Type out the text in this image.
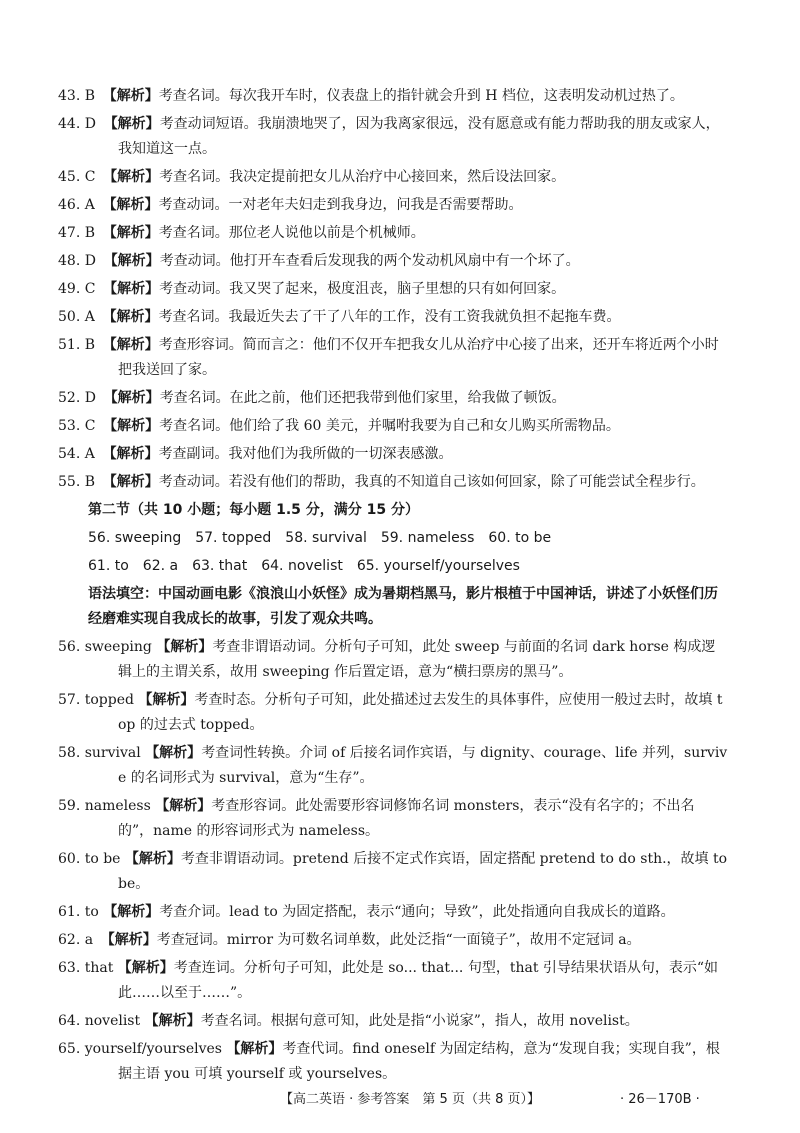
43. B 【解析】考查名词。每次我开车时，仪表盘上的指针就会升到 H 档位，这表明发动机过热了。
44. D 【解析】考查动词短语。我崩溃地哭了，因为我离家很远，没有愿意或有能力帮助我的朋友或家人，我知道这一点。
45. C 【解析】考查名词。我决定提前把女儿从治疗中心接回来，然后设法回家。
46. A 【解析】考查动词。一对老年夫妇走到我身边，问我是否需要帮助。
47. B 【解析】考查名词。那位老人说他以前是个机械师。
48. D 【解析】考查动词。他打开车查看后发现我的两个发动机风扇中有一个坏了。
49. C 【解析】考查动词。我又哭了起来，极度沮丧，脑子里想的只有如何回家。
50. A 【解析】考查名词。我最近失去了干了八年的工作，没有工资我就负担不起拖车费。
51. B 【解析】考查形容词。简而言之：他们不仅开车把我女儿从治疗中心接了出来，还开车将近两个小时把我送回了家。
52. D 【解析】考查名词。在此之前，他们还把我带到他们家里，给我做了顿饭。
53. C 【解析】考查名词。他们给了我 60 美元，并嘱咐我要为自己和女儿购买所需物品。
54. A 【解析】考查副词。我对他们为我所做的一切深表感激。
55. B 【解析】考查动词。若没有他们的帮助，我真的不知道自己该如何回家，除了可能尝试全程步行。
第二节（共 10 小题；每小题 1.5 分，满分 15 分）
56. sweeping 57. topped 58. survival 59. nameless 60. to be
61. to 62. a 63. that 64. novelist 65. yourself/yourselves
语法填空：中国动画电影《浪浪山小妖怪》成为暑期档黑马，影片根植于中国神话，讲述了小妖怪们历经磨难实现自我成长的故事，引发了观众共鸣。
56. sweeping 【解析】考查非谓语动词。分析句子可知，此处 sweep 与前面的名词 dark horse 构成逻辑上的主谓关系，故用 sweeping 作后置定语，意为“横扫票房的黑马”。
57. topped 【解析】考查时态。分析句子可知，此处描述过去发生的具体事件，应使用一般过去时，故填 top 的过去式 topped。
58. survival 【解析】考查词性转换。介词 of 后接名词作宾语，与 dignity、courage、life 并列，survive 的名词形式为 survival，意为“生存”。
59. nameless 【解析】考查形容词。此处需要形容词修饰名词 monsters，表示“没有名字的；不出名的”，name 的形容词形式为 nameless。
60. to be 【解析】考查非谓语动词。pretend 后接不定式作宾语，固定搭配 pretend to do sth.，故填 to be。
61. to 【解析】考查介词。lead to 为固定搭配，表示“通向；导致”，此处指通向自我成长的道路。
62. a 【解析】考查冠词。mirror 为可数名词单数，此处泛指“一面镜子”，故用不定冠词 a。
63. that 【解析】考查连词。分析句子可知，此处是 so... that... 句型，that 引导结果状语从句，表示“如此……以至于……”。
64. novelist 【解析】考查名词。根据句意可知，此处是指“小说家”，指人，故用 novelist。
65. yourself/yourselves 【解析】考查代词。find oneself 为固定结构，意为“发现自我；实现自我”，根据主语 you 可填 yourself 或 yourselves。
【高二英语 · 参考答案　第 5 页（共 8 页）】	· 26－170B ·
